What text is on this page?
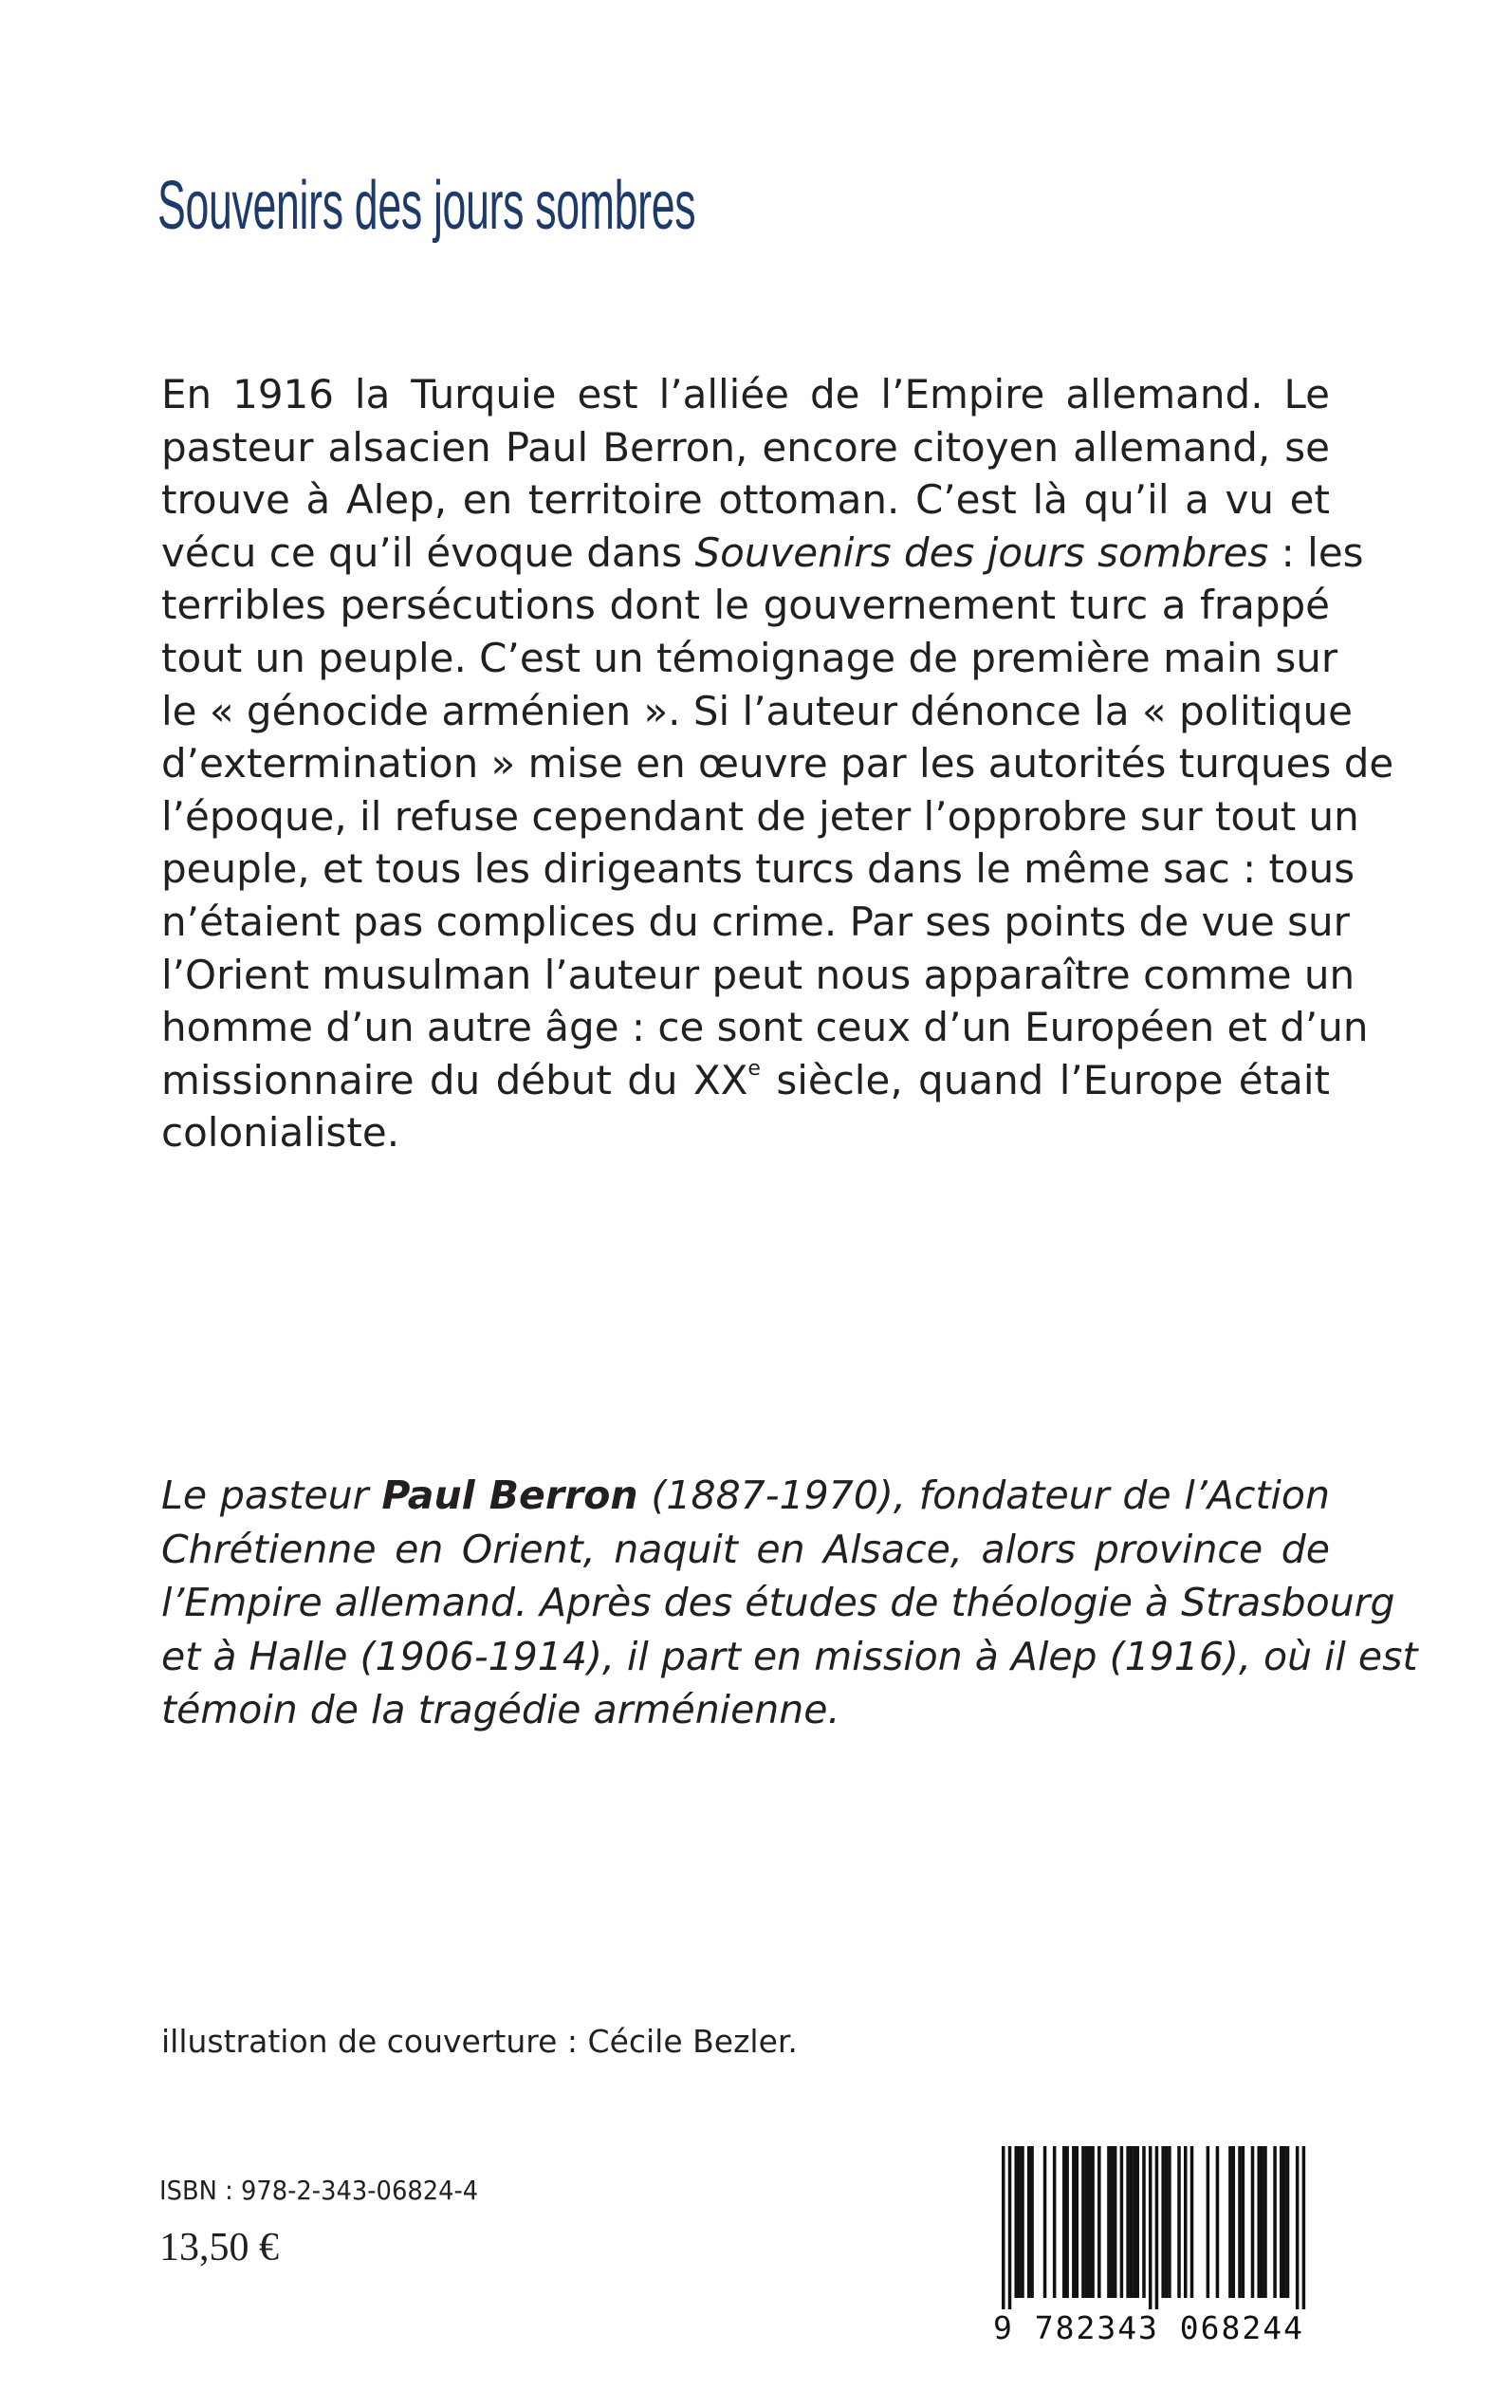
Souvenirs des jours sombres
En 1916 la Turquie est l’alliée de l’Empire allemand. Le
pasteur alsacien Paul Berron, encore citoyen allemand, se
trouve à Alep, en territoire ottoman. C’est là qu’il a vu et
vécu ce qu’il évoque dans Souvenirs des jours sombres : les
terribles persécutions dont le gouvernement turc a frappé
tout un peuple. C’est un témoignage de première main sur
le « génocide arménien ». Si l’auteur dénonce la « politique
d’extermination » mise en œuvre par les autorités turques de
l’époque, il refuse cependant de jeter l’opprobre sur tout un
peuple, et tous les dirigeants turcs dans le même sac : tous
n’étaient pas complices du crime. Par ses points de vue sur
l’Orient musulman l’auteur peut nous apparaître comme un
homme d’un autre âge : ce sont ceux d’un Européen et d’un
missionnaire du début du XXe siècle, quand l’Europe était
colonialiste.
Le pasteur Paul Berron (1887-1970), fondateur de l’Action
Chrétienne en Orient, naquit en Alsace, alors province de
l’Empire allemand. Après des études de théologie à Strasbourg
et à Halle (1906-1914), il part en mission à Alep (1916), où il est
témoin de la tragédie arménienne.
illustration de couverture : Cécile Bezler.
ISBN : 978-2-343-06824-4
13,50 €
9 782343 068244
